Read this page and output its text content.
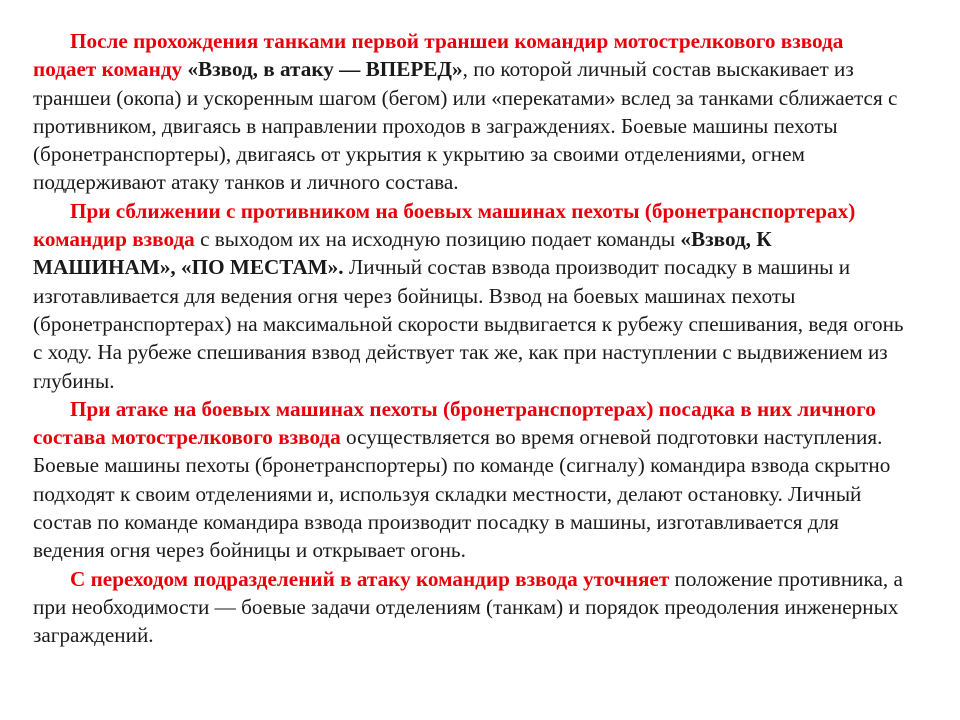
После прохождения танками первой траншеи командир мотострелкового взвода подает команду «Взвод, в атаку — ВПЕРЕД», по которой личный состав выскакивает из траншеи (окопа) и ускоренным шагом (бегом) или «перекатами» вслед за танками сближается с противником, двигаясь в направлении проходов в заграждениях. Боевые машины пехоты (бронетранспортеры), двигаясь от укрытия к укрытию за своими отделениями, огнем поддерживают атаку танков и личного состава.

При сближении с противником на боевых машинах пехоты (бронетранспортерах) командир взвода с выходом их на исходную позицию подает команды «Взвод, К МАШИНАМ», «ПО МЕСТАМ». Личный состав взвода производит посадку в машины и изготавливается для ведения огня через бойницы. Взвод на боевых машинах пехоты (бронетранспортерах) на максимальной скорости выдвигается к рубежу спешивания, ведя огонь с ходу. На рубеже спешивания взвод действует так же, как при наступлении с выдвижением из глубины.

При атаке на боевых машинах пехоты (бронетранспортерах) посадка в них личного состава мотострелкового взвода осуществляется во время огневой подготовки наступления. Боевые машины пехоты (бронетранспортеры) по команде (сигналу) командира взвода скрытно подходят к своим отделениями и, используя складки местности, делают остановку. Личный состав по команде командира взвода производит посадку в машины, изготавливается для ведения огня через бойницы и открывает огонь.

С переходом подразделений в атаку командир взвода уточняет положение противника, а при необходимости — боевые задачи отделениям (танкам) и порядок преодоления инженерных заграждений.
